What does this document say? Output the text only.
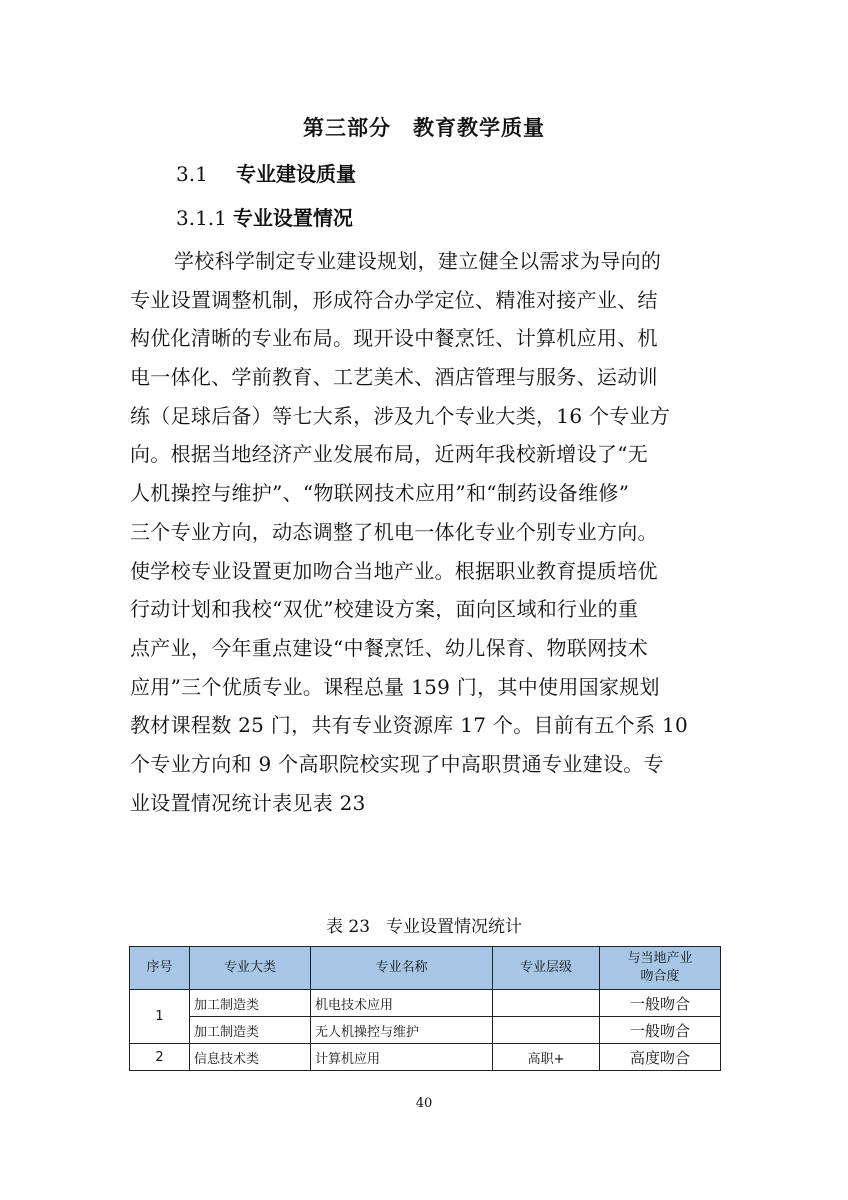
第三部分 教育教学质量
3.1 专业建设质量
3.1.1 专业设置情况
学校科学制定专业建设规划，建立健全以需求为导向的
专业设置调整机制，形成符合办学定位、精准对接产业、结
构优化清晰的专业布局。现开设中餐烹饪、计算机应用、机
电一体化、学前教育、工艺美术、酒店管理与服务、运动训
练（足球后备）等七大系，涉及九个专业大类，16 个专业方
向。根据当地经济产业发展布局，近两年我校新增设了“无
人机操控与维护”、“物联网技术应用”和“制药设备维修”
三个专业方向，动态调整了机电一体化专业个别专业方向。
使学校专业设置更加吻合当地产业。根据职业教育提质培优
行动计划和我校“双优”校建设方案，面向区域和行业的重
点产业，今年重点建设“中餐烹饪、幼儿保育、物联网技术
应用”三个优质专业。课程总量 159 门，其中使用国家规划
教材课程数 25 门，共有专业资源库 17 个。目前有五个系 10
个专业方向和 9 个高职院校实现了中高职贯通专业建设。专
业设置情况统计表见表 23
表 23 专业设置情况统计
序号	专业大类	专业名称	专业层级	与当地产业
吻合度
1	加工制造类	机电技术应用		一般吻合
	加工制造类	无人机操控与维护		一般吻合
2	信息技术类	计算机应用	高职+	高度吻合
40
